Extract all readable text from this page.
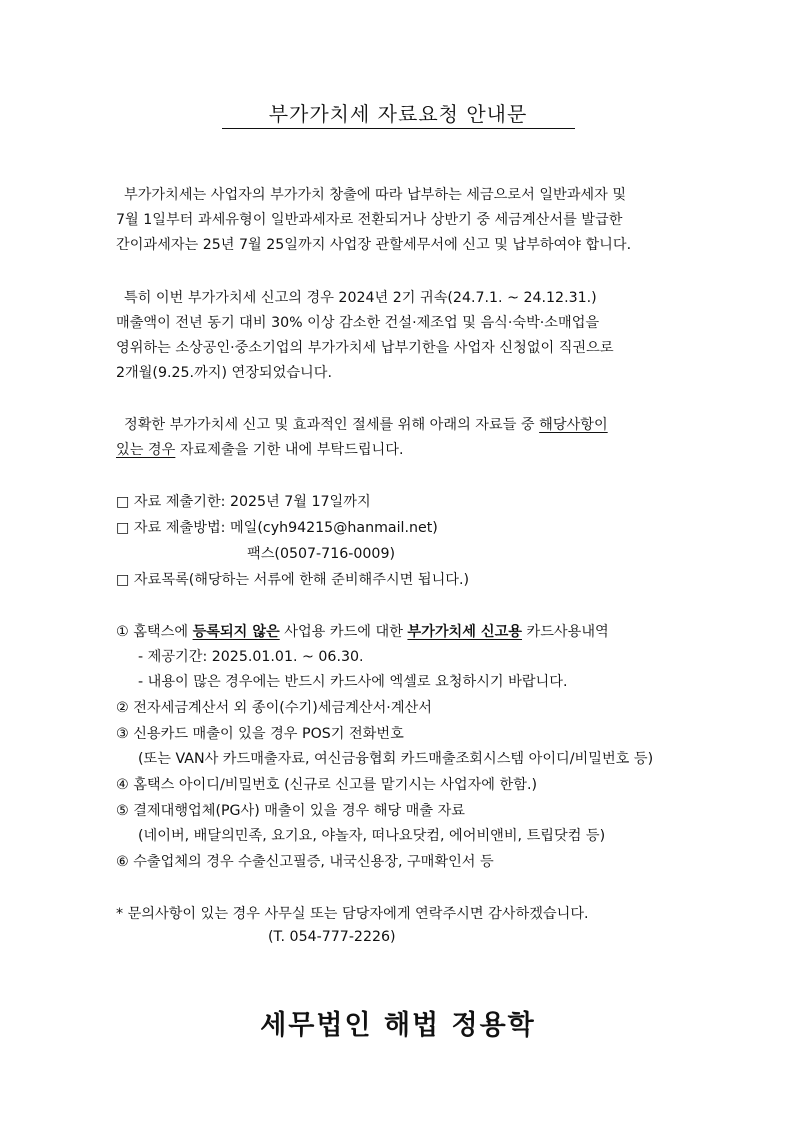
부가가치세 자료요청 안내문
부가가치세는 사업자의 부가가치 창출에 따라 납부하는 세금으로서 일반과세자 및
7월 1일부터 과세유형이 일반과세자로 전환되거나 상반기 중 세금계산서를 발급한
간이과세자는 25년 7월 25일까지 사업장 관할세무서에 신고 및 납부하여야 합니다.
특히 이번 부가가치세 신고의 경우 2024년 2기 귀속(24.7.1. ~ 24.12.31.)
매출액이 전년 동기 대비 30% 이상 감소한 건설·제조업 및 음식·숙박·소매업을
영위하는 소상공인·중소기업의 부가가치세 납부기한을 사업자 신청없이 직권으로
2개월(9.25.까지) 연장되었습니다.
정확한 부가가치세 신고 및 효과적인 절세를 위해 아래의 자료들 중 해당사항이
있는 경우 자료제출을 기한 내에 부탁드립니다.
□ 자료 제출기한: 2025년 7월 17일까지
□ 자료 제출방법: 메일(cyh94215@hanmail.net)
팩스(0507-716-0009)
□ 자료목록(해당하는 서류에 한해 준비해주시면 됩니다.)
① 홈택스에 등록되지 않은 사업용 카드에 대한 부가가치세 신고용 카드사용내역
- 제공기간: 2025.01.01. ~ 06.30.
- 내용이 많은 경우에는 반드시 카드사에 엑셀로 요청하시기 바랍니다.
② 전자세금계산서 외 종이(수기)세금계산서·계산서
③ 신용카드 매출이 있을 경우 POS기 전화번호
(또는 VAN사 카드매출자료, 여신금융협회 카드매출조회시스템 아이디/비밀번호 등)
④ 홈택스 아이디/비밀번호 (신규로 신고를 맡기시는 사업자에 한함.)
⑤ 결제대행업체(PG사) 매출이 있을 경우 해당 매출 자료
(네이버, 배달의민족, 요기요, 야놀자, 떠나요닷컴, 에어비앤비, 트립닷컴 등)
⑥ 수출업체의 경우 수출신고필증, 내국신용장, 구매확인서 등
* 문의사항이 있는 경우 사무실 또는 담당자에게 연락주시면 감사하겠습니다.
(T. 054-777-2226)
세무법인 해법 정용학
